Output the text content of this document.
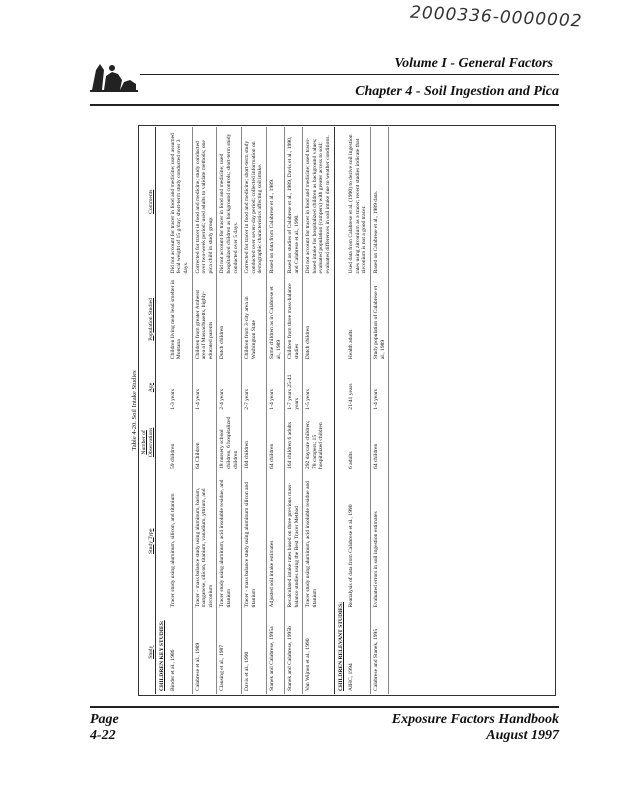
2000336-0000002
Volume I - General Factors
Chapter 4 - Soil Ingestion and Pica
Table 4-20. Soil Intake Studies
Study	Study Type	Number of Observations	Age	Population Studied	Comments
CHILDREN KEY STUDIES:					
Binder et al., 1986	Tracer study using aluminum, silicon, and titanium	59 children	1-3 years	Children living near lead smelter in Montana	Did not account for tracer in food and medicine; used assumed fecal weight of 15 g/day; short-term study conducted over 3 days.
Calabrese et al., 1989	Tracer - mass balance study using aluminum, barium, manganese, silicon, titanium, vanadium, yttrium, and zirconium	64 Children	1-4 years	Children from greater Amherst area of Massachusetts, highly-educated parents	Corrected for tracer in food and medicine; study conducted over two-week period; used adults to validate methods; one pica child in study group.
Clausing et al., 1987	Tracer study using aluminum, acid insoluble residue, and titanium	18 nursery school children, 6 hospitalized children	2-4 years	Dutch children	Did not account for tracer in food and medicine; used hospitalized children as background controls; short-term study conducted over 5 days.
Davis et al., 1990	Tracer - mass balance study using aluminum silicon and titanium	104 children	2-7 years	Children from 3-city area in Washington State	Corrected for tracer in food and medicine; short-term study conducted over seven-day period; collected information on demographic characteristics affecting soil intake.
Stanek and Calabrese, 1995a	Adjusted soil intake estimates	64 children	1-4 years	Same children as in Calabrese et al., 1989	Based on data from Calabrese et al., 1989.
Stanek and Calabrese, 1995b	Recalculated intake rates based on three previous mass-balance studies using the Best Tracer Method	164 children 6 adults	1-7 years 25-41 years	Children from three mass-balance studies	Based on studies of Calabrese et al., 1989, Davis et al., 1990, and Calabrese et al., 1990.
Van Wijnen et al., 1990	Tracer study using aluminum, acid insoluble residue and titanium	292 daycare children; 78 campers; 15 hospitalized children	1-5 years	Dutch children	Did not account for tracer in food and medicine; used tracer-based intake for hospitalized children as background values; evaluated population (campers) with greater access to soil; evaluated differences in soil intake due to weather conditions.
CHILDREN RELEVANT STUDIES:					
AIHC, 1994	Reanalysis of data from Calabrese et al., 1990	6 adults	21-41 years	Health adults	Used data from Calabrese et al. (1990) to derive soil ingestion rates using zirconium as a tracer; recent studies indicate that zirconium is not a good tracer.
Calabrese and Stanek, 1995	Evaluated errors in soil ingestion estimates	64 children	1-4 years	Study population of Calabrese et al., 1989	Based on Calabrese et al., 1989 data.
Page
4-22
Exposure Factors Handbook
August 1997
